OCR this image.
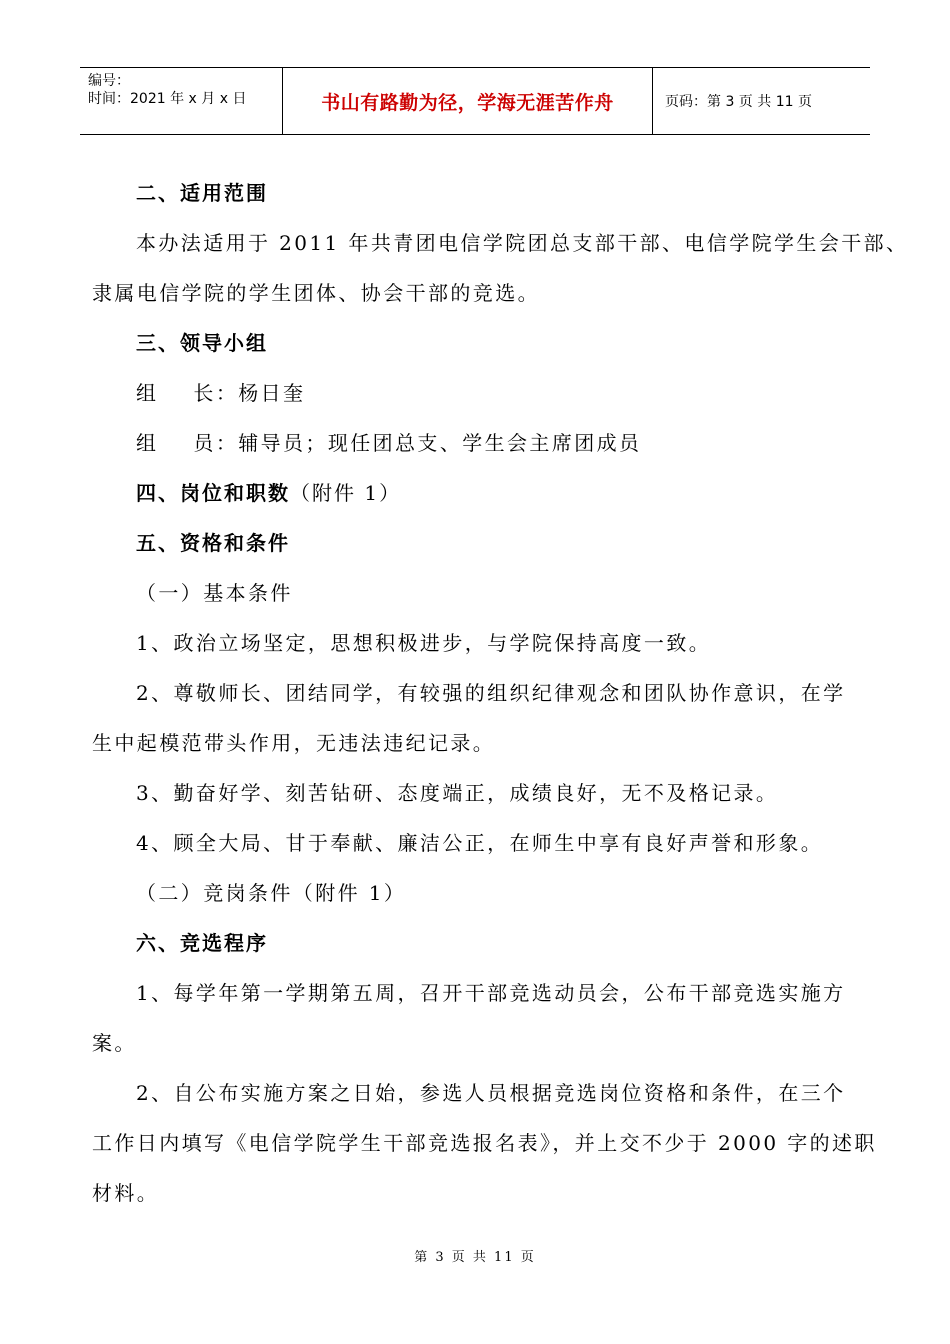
编号：
时间：2021 年 x 月 x 日	书山有路勤为径，学海无涯苦作舟	页码：第 3 页 共 11 页

二、适用范围

本办法适用于 2011 年共青团电信学院团总支部干部、电信学院学生会干部、

隶属电信学院的学生团体、协会干部的竞选。

三、领导小组

组    长：杨日奎

组    员：辅导员；现任团总支、学生会主席团成员

四、岗位和职数（附件 1）

五、资格和条件

（一）基本条件

1、政治立场坚定，思想积极进步，与学院保持高度一致。

2、尊敬师长、团结同学，有较强的组织纪律观念和团队协作意识，在学

生中起模范带头作用，无违法违纪记录。

3、勤奋好学、刻苦钻研、态度端正，成绩良好，无不及格记录。

4、顾全大局、甘于奉献、廉洁公正，在师生中享有良好声誉和形象。

（二）竞岗条件（附件 1）

六、竞选程序

1、每学年第一学期第五周，召开干部竞选动员会，公布干部竞选实施方

案。

2、自公布实施方案之日始，参选人员根据竞选岗位资格和条件，在三个

工作日内填写《电信学院学生干部竞选报名表》，并上交不少于 2000 字的述职

材料。

第 3 页 共 11 页
